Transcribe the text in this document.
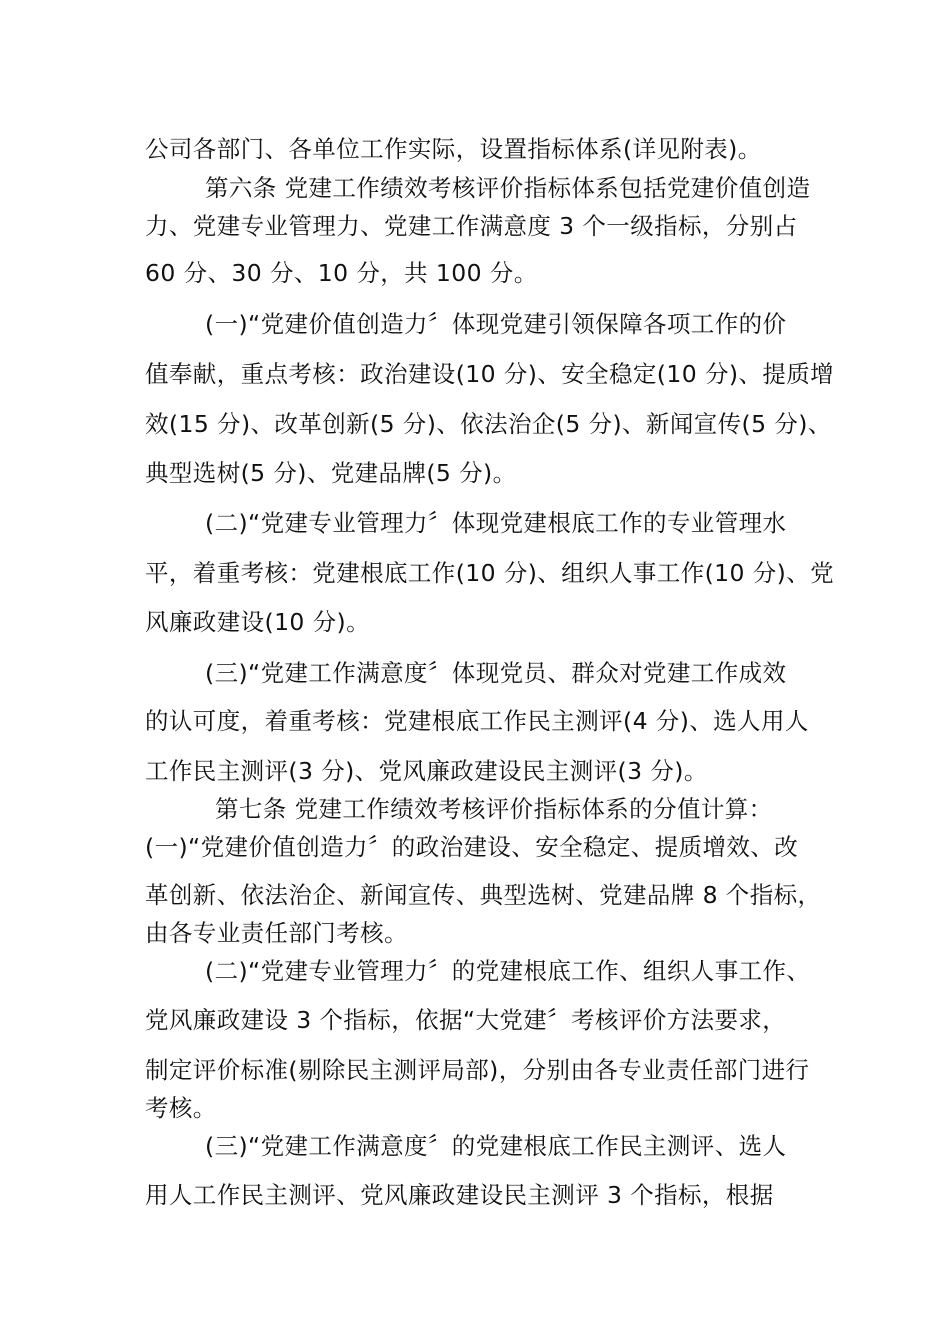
公司各部门、各单位工作实际，设置指标体系(详见附表)。

第六条 党建工作绩效考核评价指标体系包括党建价值创造

力、党建专业管理力、党建工作满意度 3 个一级指标，分别占

60 分、30 分、10 分，共 100 分。

(一)“党建价值创造力〞体现党建引领保障各项工作的价

值奉献，重点考核：政治建设(10 分)、安全稳定(10 分)、提质增

效(15 分)、改革创新(5 分)、依法治企(5 分)、新闻宣传(5 分)、

典型选树(5 分)、党建品牌(5 分)。

(二)“党建专业管理力〞体现党建根底工作的专业管理水

平，着重考核：党建根底工作(10 分)、组织人事工作(10 分)、党

风廉政建设(10 分)。

(三)“党建工作满意度〞体现党员、群众对党建工作成效

的认可度，着重考核：党建根底工作民主测评(4 分)、选人用人

工作民主测评(3 分)、党风廉政建设民主测评(3 分)。

第七条 党建工作绩效考核评价指标体系的分值计算：

(一)“党建价值创造力〞的政治建设、安全稳定、提质增效、改

革创新、依法治企、新闻宣传、典型选树、党建品牌 8 个指标，

由各专业责任部门考核。

(二)“党建专业管理力〞的党建根底工作、组织人事工作、

党风廉政建设 3 个指标，依据“大党建〞考核评价方法要求，

制定评价标准(剔除民主测评局部)，分别由各专业责任部门进行

考核。

(三)“党建工作满意度〞的党建根底工作民主测评、选人

用人工作民主测评、党风廉政建设民主测评 3 个指标，根据
